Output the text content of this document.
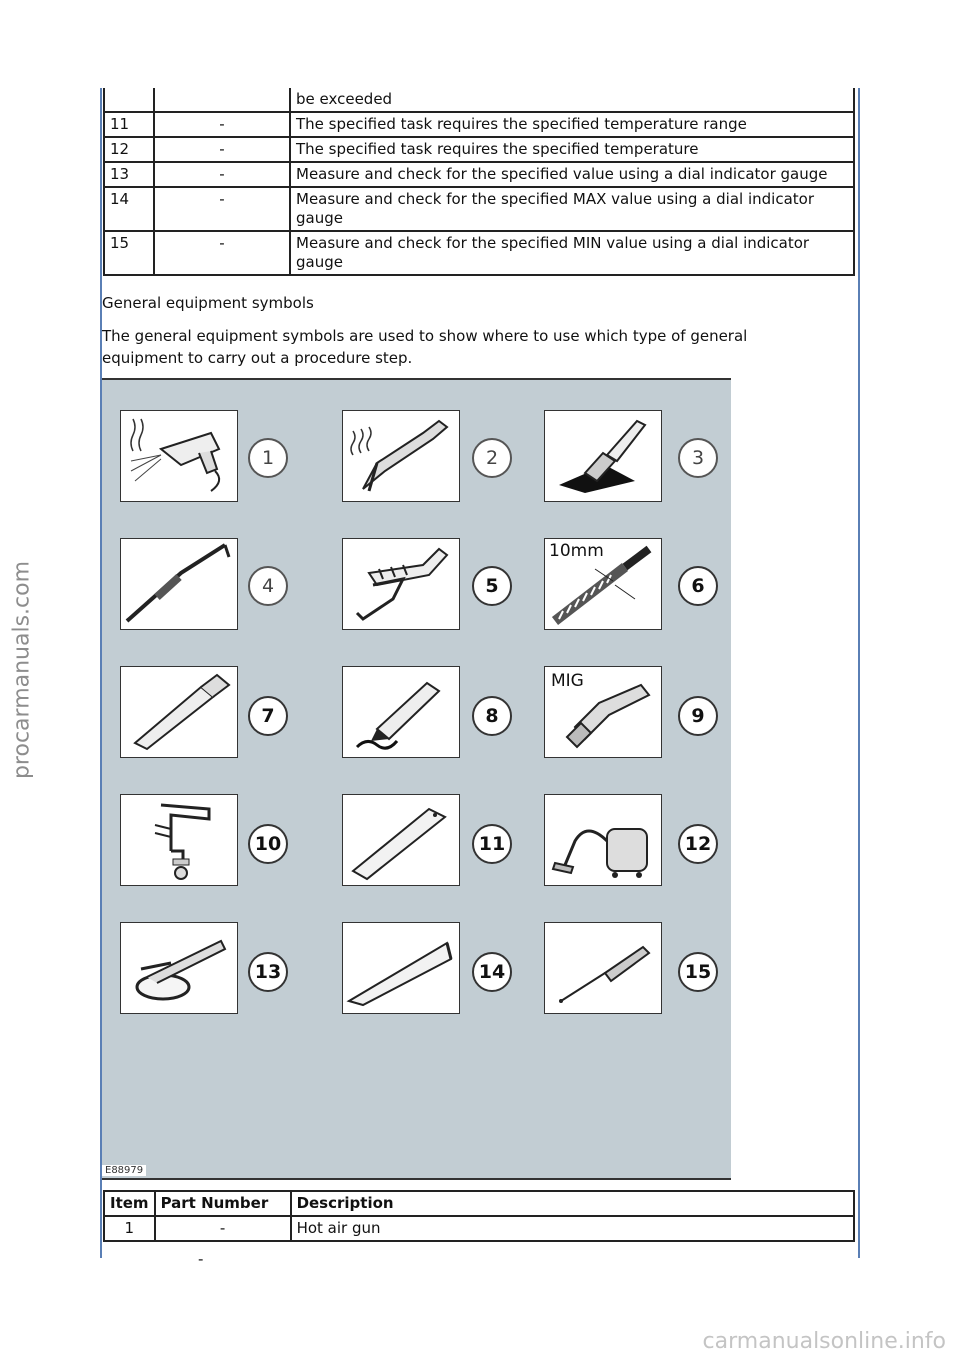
procarmanuals.com
		be exceeded
11	-	The specified task requires the specified temperature range
12	-	The specified task requires the specified temperature
13	-	Measure and check for the specified value using a dial indicator gauge
14	-	Measure and check for the specified MAX value using a dial indicator gauge
15	-	Measure and check for the specified MIN value using a dial indicator gauge
General equipment symbols
The general equipment symbols are used to show where to use which type of general equipment to carry out a procedure step.
1	2	3
4	5
10mm
6
7	8
MIG
9
10	11	12
13	14	15
E88979
Item	Part Number	Description
1	-	Hot air gun
-
carmanualsonline.info
